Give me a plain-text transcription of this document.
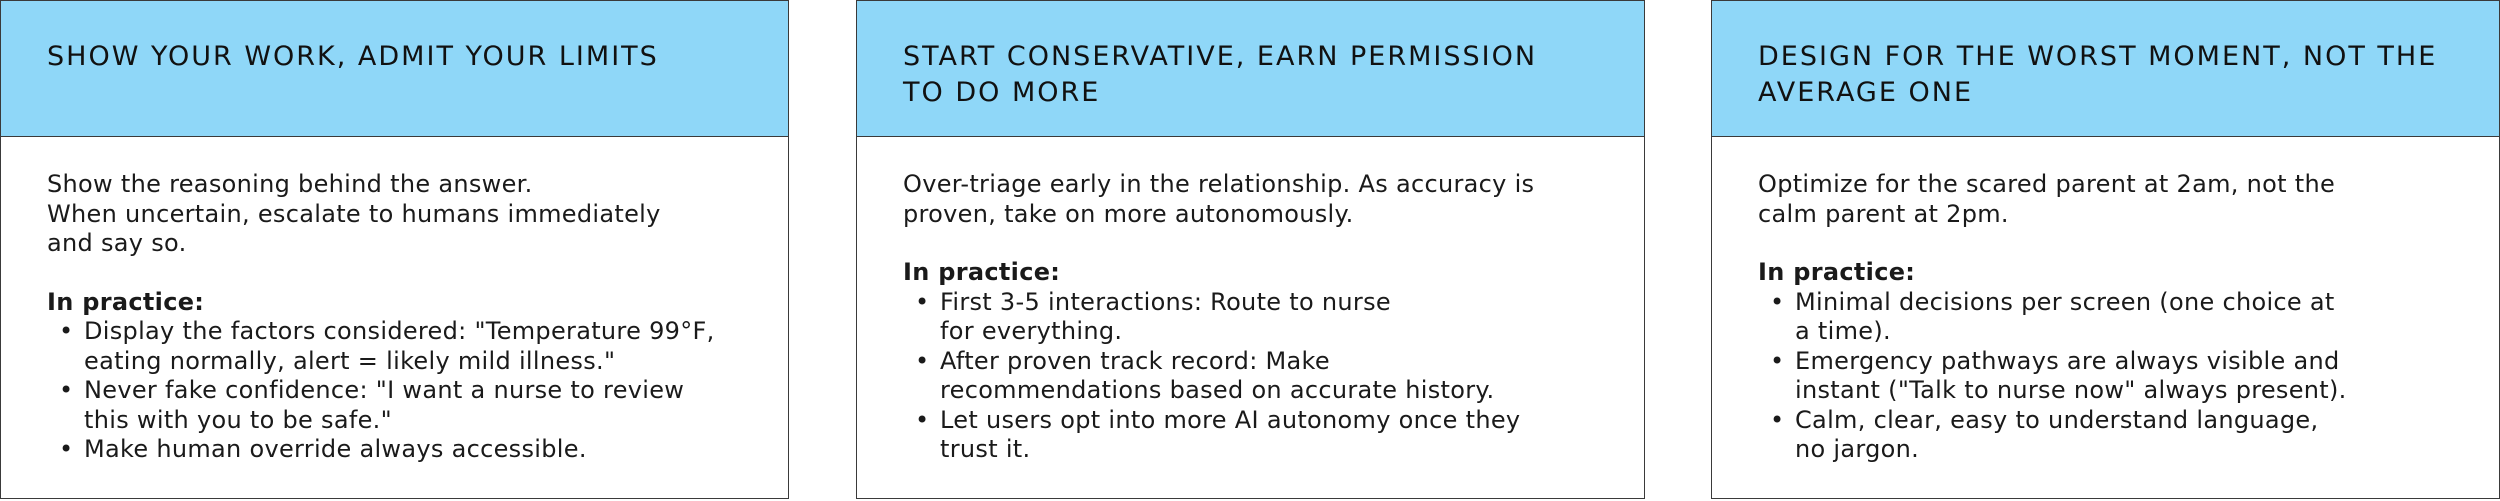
SHOW YOUR WORK, ADMIT YOUR LIMITS

Show the reasoning behind the answer.
When uncertain, escalate to humans immediately
and say so.

In practice:

• Display the factors considered: "Temperature 99°F,
eating normally, alert = likely mild illness."
• Never fake confidence: "I want a nurse to review
this with you to be safe."
• Make human override always accessible.
START CONSERVATIVE, EARN PERMISSION
TO DO MORE

Over-triage early in the relationship. As accuracy is
proven, take on more autonomously.

In practice:

• First 3-5 interactions: Route to nurse
for everything.
• After proven track record: Make
recommendations based on accurate history.
• Let users opt into more AI autonomy once they
trust it.
DESIGN FOR THE WORST MOMENT, NOT THE
AVERAGE ONE

Optimize for the scared parent at 2am, not the
calm parent at 2pm.

In practice:

• Minimal decisions per screen (one choice at
a time).
• Emergency pathways are always visible and
instant ("Talk to nurse now" always present).
• Calm, clear, easy to understand language,
no jargon.
